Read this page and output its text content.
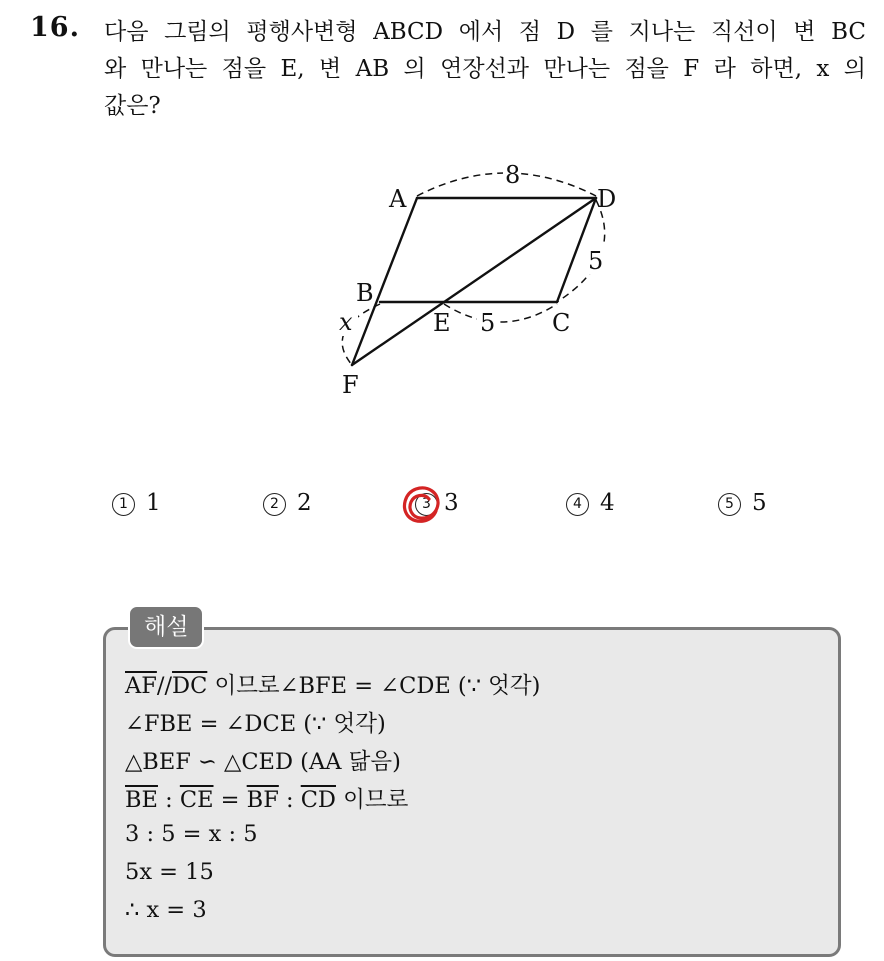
16. 다음 그림의 평행사변형 ABCD 에서 점 D 를 지나는 직선이 변 BC
와 만나는 점을 E, 변 AB 의 연장선과 만나는 점을 F 라 하면, x 의
값은?
8
5
5
x
A	D
B
C
E
F
1 1	2 2	3 3	4 4	5 5
해설
$\overline{AF}//\overline{DC}$ 이므로∠BFE = ∠CDE (∵ 엇각)
∠FBE = ∠DCE (∵ 엇각)
△BEF ∽ △CED (AA 닮음)
$\overline{BE}$ : $\overline{CE} = \overline{BF}$ : $\overline{CD}$ 이므로
3 : 5 = x : 5
5x = 15
∴ x = 3
